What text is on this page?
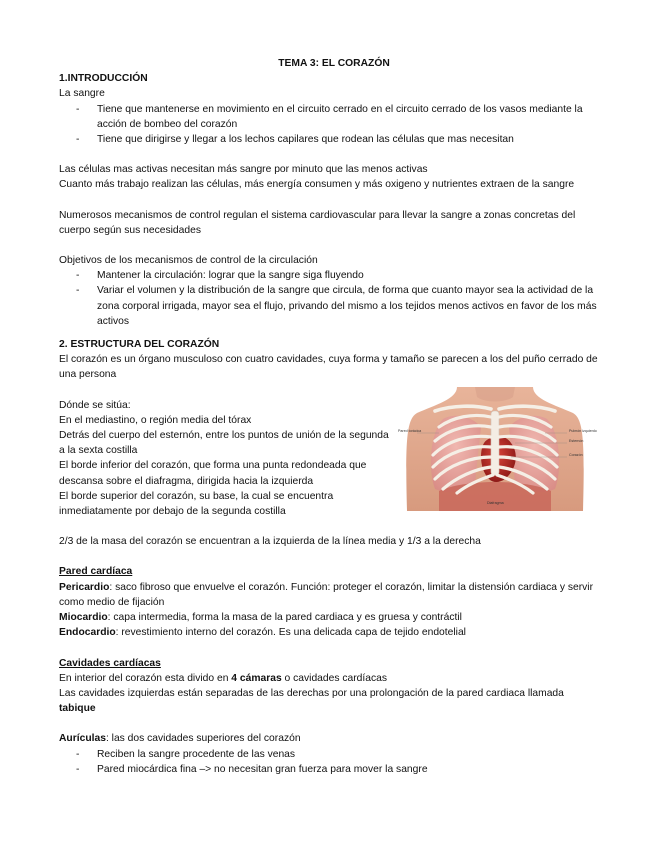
TEMA 3: EL CORAZÓN

1.INTRODUCCIÓN

La sangre

- Tiene que mantenerse en movimiento en el circuito cerrado en el circuito cerrado de los vasos mediante la acción de bombeo del corazón
- Tiene que dirigirse y llegar a los lechos capilares que rodean las células que mas necesitan

Las células mas activas necesitan más sangre por minuto que las menos activas

Cuanto más trabajo realizan las células, más energía consumen y más oxigeno y nutrientes extraen de la sangre

Numerosos mecanismos de control regulan el sistema cardiovascular para llevar la sangre a zonas concretas del cuerpo según sus necesidades

Objetivos de los mecanismos de control de la circulación

- Mantener la circulación: lograr que la sangre siga fluyendo
- Variar el volumen y la distribución de la sangre que circula, de forma que cuanto mayor sea la actividad de la zona corporal irrigada, mayor sea el flujo, privando del mismo a los tejidos menos activos en favor de los más activos

2. ESTRUCTURA DEL CORAZÓN

El corazón es un órgano musculoso con cuatro cavidades, cuya forma y tamaño se parecen a los del puño cerrado de una persona

Dónde se sitúa:

En el mediastino, o región media del tórax

Detrás del cuerpo del esternón, entre los puntos de unión de la segunda a la sexta costilla

El borde inferior del corazón, que forma una punta redondeada que descansa sobre el diafragma, dirigida hacia la izquierda

El borde superior del corazón, su base, la cual se encuentra inmediatamente por debajo de la segunda costilla

2/3 de la masa del corazón se encuentran a la izquierda de la línea media y 1/3 a la derecha

Pared cardíaca

Pericardio: saco fibroso que envuelve el corazón. Función: proteger el corazón, limitar la distensión cardiaca y servir como medio de fijación

Miocardio: capa intermedia, forma la masa de la pared cardiaca y es gruesa y contráctil

Endocardio: revestimiento interno del corazón. Es una delicada capa de tejido endotelial

Cavidades cardíacas

En interior del corazón esta divido en 4 cámaras o cavidades cardíacas

Las cavidades izquierdas están separadas de las derechas por una prolongación de la pared cardiaca llamada tabique

Aurículas: las dos cavidades superiores del corazón

- Reciben la sangre procedente de las venas
- Pared miocárdica fina –> no necesitan gran fuerza para mover la sangre
Pared torácica	Pulmón izquierdo
Esternón
Corazón
Diafragma
